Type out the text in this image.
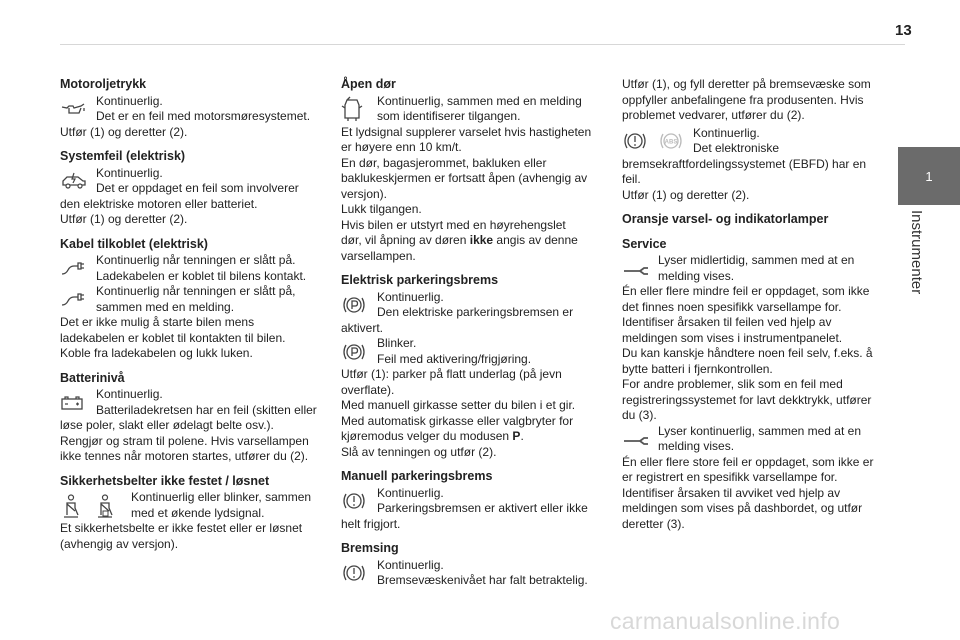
13
1
Instrumenter
Motoroljetrykk

Kontinuerlig.

Det er en feil med motorsmøresystemet.

Utfør (1) og deretter (2).

Systemfeil (elektrisk)

Kontinuerlig.

Det er oppdaget en feil som involverer

den elektriske motoren eller batteriet.

Utfør (1) og deretter (2).

Kabel tilkoblet (elektrisk)

Kontinuerlig når tenningen er slått på.

Ladekabelen er koblet til bilens kontakt.

Kontinuerlig når tenningen er slått på,

sammen med en melding.

Det er ikke mulig å starte bilen mens

ladekabelen er koblet til kontakten til bilen.

Koble fra ladekabelen og lukk luken.

Batterinivå

Kontinuerlig.

Batteriladekretsen har en feil (skitten eller

løse poler, slakt eller ødelagt belte osv.).

Rengjør og stram til polene. Hvis varsellampen

ikke tennes når motoren startes, utfører du (2).

Sikkerhetsbelter ikke festet / løsnet

Kontinuerlig eller blinker, sammen

med et økende lydsignal.

Et sikkerhetsbelte er ikke festet eller er løsnet

(avhengig av versjon).

Åpen dør

Kontinuerlig, sammen med en melding

som identifiserer tilgangen.

Et lydsignal supplerer varselet hvis hastigheten

er høyere enn 10 km/t.

En dør, bagasjerommet, bakluken eller

baklukeskjermen er fortsatt åpen (avhengig av

versjon).

Lukk tilgangen.

Hvis bilen er utstyrt med en høyrehengslet

dør, vil åpning av døren ikke angis av denne

varsellampen.

Elektrisk parkeringsbrems

Kontinuerlig.

Den elektriske parkeringsbremsen er

aktivert.

Blinker.

Feil med aktivering/frigjøring.

Utfør (1): parker på flatt underlag (på jevn

overflate).

Med manuell girkasse setter du bilen i et gir.

Med automatisk girkasse eller valgbryter for

kjøremodus velger du modusen P.

Slå av tenningen og utfør (2).

Manuell parkeringsbrems

Kontinuerlig.

Parkeringsbremsen er aktivert eller ikke

helt frigjort.

Bremsing

Kontinuerlig.

Bremsevæskenivået har falt betraktelig.

Utfør (1), og fyll deretter på bremsevæske som

oppfyller anbefalingene fra produsenten. Hvis

problemet vedvarer, utfører du (2).

ABS

Kontinuerlig.

Det elektroniske

bremsekraftfordelingssystemet (EBFD) har en

feil.

Utfør (1) og deretter (2).

Oransje varsel- og indikatorlamper
Service

Lyser midlertidig, sammen med at en

melding vises.

Én eller flere mindre feil er oppdaget, som ikke

det finnes noen spesifikk varsellampe for.

Identifiser årsaken til feilen ved hjelp av

meldingen som vises i instrumentpanelet.

Du kan kanskje håndtere noen feil selv, f.eks. å

bytte batteri i fjernkontrollen.

For andre problemer, slik som en feil med

registreringssystemet for lavt dekktrykk, utfører

du (3).

Lyser kontinuerlig, sammen med at en

melding vises.

Én eller flere store feil er oppdaget, som ikke er

er registrert en spesifikk varsellampe for.

Identifiser årsaken til avviket ved hjelp av

meldingen som vises på dashbordet, og utfør

deretter (3).

carmanualsonline.info
